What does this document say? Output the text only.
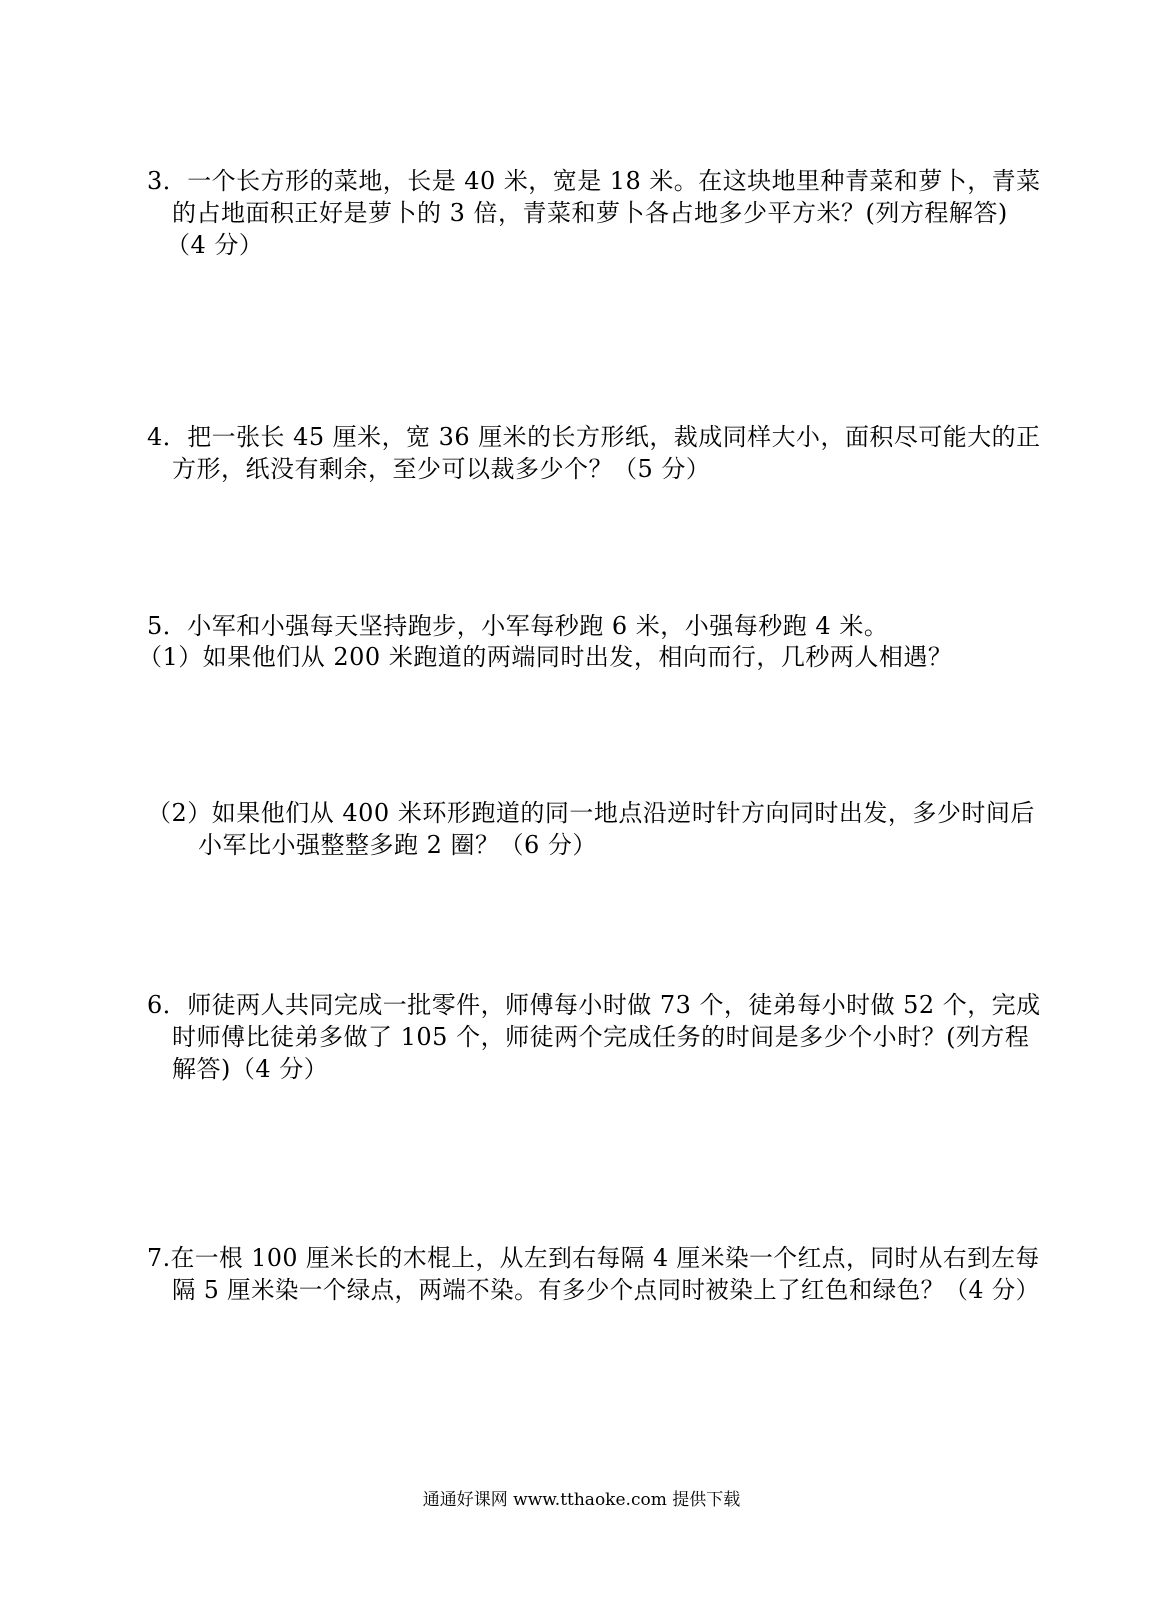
3．一个长方形的菜地，长是 40 米，宽是 18 米。在这块地里种青菜和萝卜，青菜
的占地面积正好是萝卜的 3 倍，青菜和萝卜各占地多少平方米？(列方程解答)
（4 分）
4．把一张长 45 厘米，宽 36 厘米的长方形纸，裁成同样大小，面积尽可能大的正
方形，纸没有剩余，至少可以裁多少个？（5 分）
5．小军和小强每天坚持跑步，小军每秒跑 6 米，小强每秒跑 4 米。
（1）如果他们从 200 米跑道的两端同时出发，相向而行，几秒两人相遇？
（2）如果他们从 400 米环形跑道的同一地点沿逆时针方向同时出发，多少时间后
小军比小强整整多跑 2 圈？（6 分）
6．师徒两人共同完成一批零件，师傅每小时做 73 个，徒弟每小时做 52 个，完成
时师傅比徒弟多做了 105 个，师徒两个完成任务的时间是多少个小时？(列方程
解答)（4 分）
7.在一根 100 厘米长的木棍上，从左到右每隔 4 厘米染一个红点，同时从右到左每
隔 5 厘米染一个绿点，两端不染。有多少个点同时被染上了红色和绿色？（4 分）
通通好课网 www.tthaoke.com 提供下载
